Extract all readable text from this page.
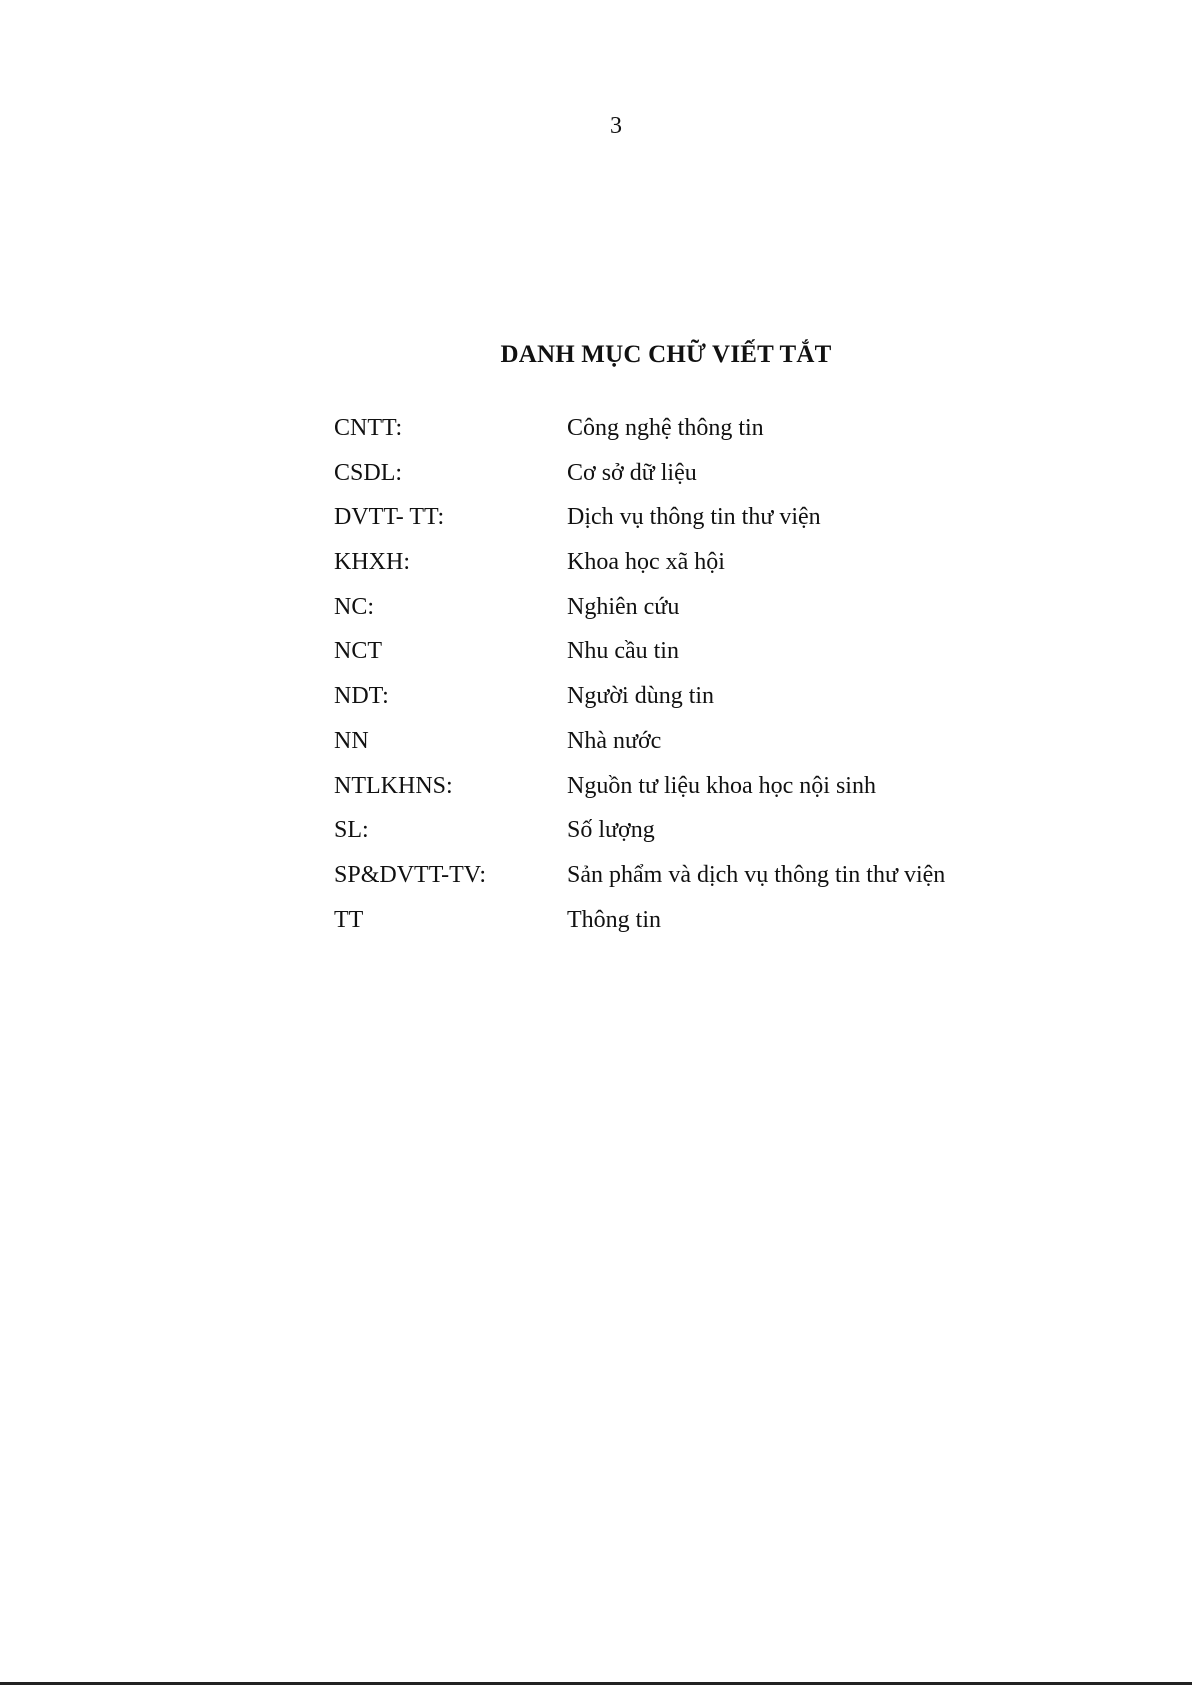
3
DANH MỤC CHỮ VIẾT TẮT
CNTT:	Công nghệ thông tin
CSDL:	Cơ sở dữ liệu
DVTT- TT:	Dịch vụ thông tin thư viện
KHXH:	Khoa học xã hội
NC:	Nghiên cứu
NCT	Nhu cầu tin
NDT:	Người dùng tin
NN	Nhà nước
NTLKHNS:	Nguồn tư liệu khoa học nội sinh
SL:	Số lượng
SP&DVTT-TV:	Sản phẩm và dịch vụ thông tin thư viện
TT	Thông tin
